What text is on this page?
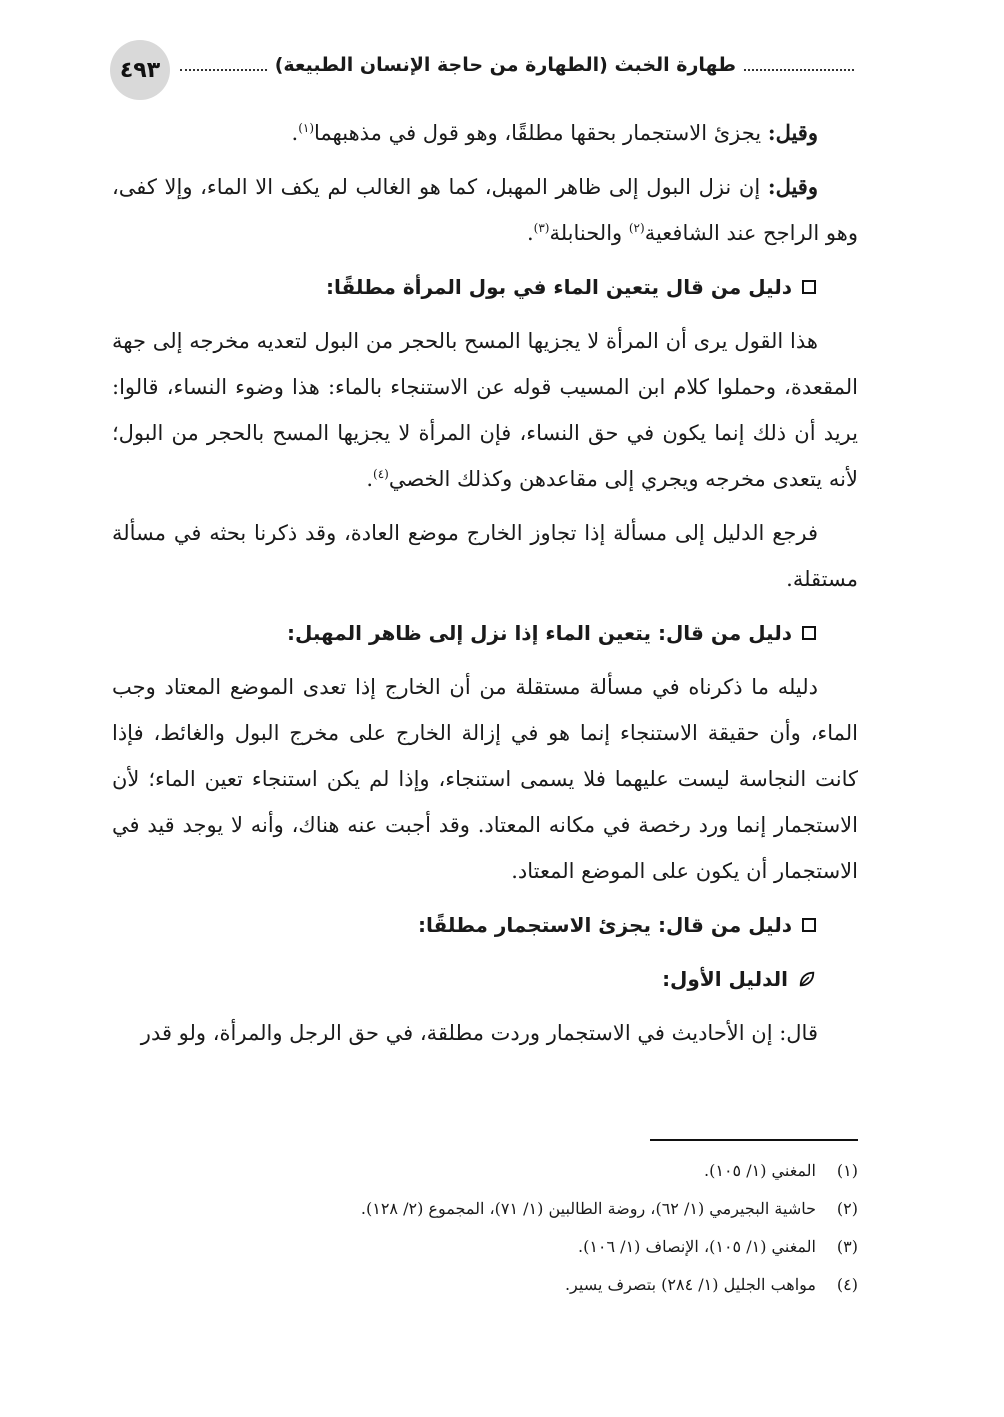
٤٩٣	طهارة الخبث (الطهارة من حاجة الإنسان الطبيعة)

وقيل: يجزئ الاستجمار بحقها مطلقًا، وهو قول في مذهبهما$^{(١)}$.

وقيل: إن نزل البول إلى ظاهر المهبل، كما هو الغالب لم يكف الا الماء، وإلا كفى، وهو الراجح عند الشافعية$^{(٢)}$ والحنابلة$^{(٣)}$.

دليل من قال يتعين الماء في بول المرأة مطلقًا:

هذا القول يرى أن المرأة لا يجزيها المسح بالحجر من البول لتعديه مخرجه إلى جهة المقعدة، وحملوا كلام ابن المسيب قوله عن الاستنجاء بالماء: هذا وضوء النساء، قالوا: يريد أن ذلك إنما يكون في حق النساء، فإن المرأة لا يجزيها المسح بالحجر من البول؛ لأنه يتعدى مخرجه ويجري إلى مقاعدهن وكذلك الخصي$^{(٤)}$.

فرجع الدليل إلى مسألة إذا تجاوز الخارج موضع العادة، وقد ذكرنا بحثه في مسألة مستقلة.

دليل من قال: يتعين الماء إذا نزل إلى ظاهر المهبل:

دليله ما ذكرناه في مسألة مستقلة من أن الخارج إذا تعدى الموضع المعتاد وجب الماء، وأن حقيقة الاستنجاء إنما هو في إزالة الخارج على مخرج البول والغائط، فإذا كانت النجاسة ليست عليهما فلا يسمى استنجاء، وإذا لم يكن استنجاء تعين الماء؛ لأن الاستجمار إنما ورد رخصة في مكانه المعتاد. وقد أجبت عنه هناك، وأنه لا يوجد قيد في الاستجمار أن يكون على الموضع المعتاد.

دليل من قال: يجزئ الاستجمار مطلقًا:
الدليل الأول:

قال: إن الأحاديث في الاستجمار وردت مطلقة، في حق الرجل والمرأة، ولو قدر

(١)المغني (١/ ١٠٥).
(٢)حاشية البجيرمي (١/ ٦٢)، روضة الطالبين (١/ ٧١)، المجموع (٢/ ١٢٨).
(٣)المغني (١/ ١٠٥)، الإنصاف (١/ ١٠٦).
(٤)مواهب الجليل (١/ ٢٨٤) بتصرف يسير.
